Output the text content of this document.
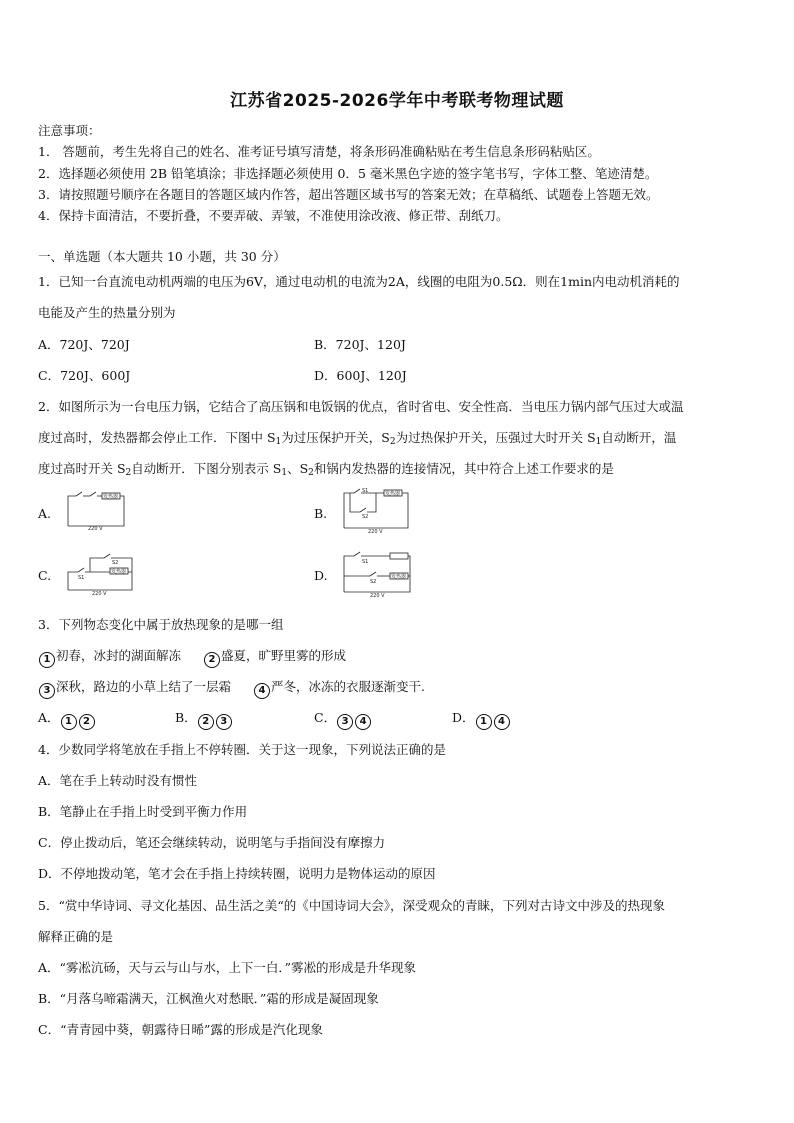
江苏省2025-2026学年中考联考物理试题
注意事项：
1． 答题前，考生先将自己的姓名、准考证号填写清楚，将条形码准确粘贴在考生信息条形码粘贴区。
2．选择题必须使用 2B 铅笔填涂；非选择题必须使用 0．5 毫米黑色字迹的签字笔书写，字体工整、笔迹清楚。
3．请按照题号顺序在各题目的答题区域内作答，超出答题区域书写的答案无效；在草稿纸、试题卷上答题无效。
4．保持卡面清洁，不要折叠，不要弄破、弄皱，不准使用涂改液、修正带、刮纸刀。
一、单选题（本大题共 10 小题，共 30 分）
1．已知一台直流电动机两端的电压为6V，通过电动机的电流为2A，线圈的电阻为0.5Ω．则在1min内电动机消耗的
电能及产生的热量分别为
A．720J、720J	B．720J、120J
C．720J、600J	D．600J、120J
2．如图所示为一台电压力锅，它结合了高压锅和电饭锅的优点，省时省电、安全性高．当电压力锅内部气压过大或温
度过高时，发热器都会停止工作．下图中 $S_1$为过压保护开关，$S_2$为过热保护开关，压强过大时开关 $S_1$自动断开，温
度过高时开关 $S_2$自动断开．下图分别表示 $S_1$、$S_2$和锅内发热器的连接情况，其中符合上述工作要求的是
A.	B.
C.	D.
发热器
220 V
S1
S2
发热器
220 V
S1
S2
发热器
220 V
S1
S2
发热器
220 V
3．下列物态变化中属于放热现象的是哪一组
1 初春，冰封的湖面解冻	2 盛夏，旷野里雾的形成
3 深秋，路边的小草上结了一层霜	4 严冬，冰冻的衣服逐渐变干.
A． 1 2	B． 2 3	C． 3 4	D． 1 4
4．少数同学将笔放在手指上不停转圈．关于这一现象，下列说法正确的是
A．笔在手上转动时没有惯性
B．笔静止在手指上时受到平衡力作用
C．停止拨动后，笔还会继续转动，说明笔与手指间没有摩擦力
D．不停地拨动笔，笔才会在手指上持续转圈，说明力是物体运动的原因
5．“赏中华诗词、寻文化基因、品生活之美“的《中国诗词大会》，深受观众的青睐，下列对古诗文中涉及的热现象
解释正确的是
A．“雾凇沆砀，天与云与山与水，上下一白．”雾凇的形成是升华现象
B．“月落乌啼霜满天，江枫渔火对愁眠．”霜的形成是凝固现象
C．“青青园中葵，朝露待日晞”露的形成是汽化现象
